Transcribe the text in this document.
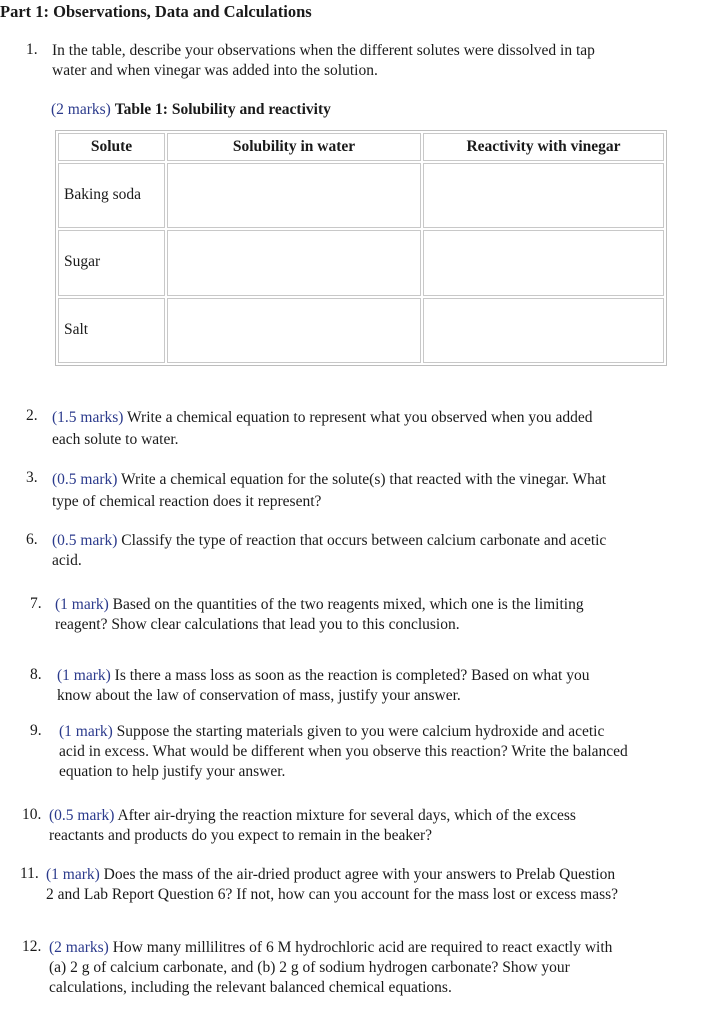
Part 1: Observations, Data and Calculations
1. In the table, describe your observations when the different solutes were dissolved in tap
water and when vinegar was added into the solution.
(2 marks) Table 1: Solubility and reactivity
Solute	Solubility in water	Reactivity with vinegar
Baking soda		
Sugar		
Salt		
2. (1.5 marks) Write a chemical equation to represent what you observed when you added
each solute to water.
3. (0.5 mark) Write a chemical equation for the solute(s) that reacted with the vinegar. What
type of chemical reaction does it represent?
6. (0.5 mark) Classify the type of reaction that occurs between calcium carbonate and acetic
acid.
7. (1 mark) Based on the quantities of the two reagents mixed, which one is the limiting
reagent? Show clear calculations that lead you to this conclusion.
8. (1 mark) Is there a mass loss as soon as the reaction is completed? Based on what you
know about the law of conservation of mass, justify your answer.
9. (1 mark) Suppose the starting materials given to you were calcium hydroxide and acetic
acid in excess. What would be different when you observe this reaction? Write the balanced
equation to help justify your answer.
10. (0.5 mark) After air-drying the reaction mixture for several days, which of the excess
reactants and products do you expect to remain in the beaker?
11. (1 mark) Does the mass of the air-dried product agree with your answers to Prelab Question
2 and Lab Report Question 6? If not, how can you account for the mass lost or excess mass?
12. (2 marks) How many millilitres of 6 M hydrochloric acid are required to react exactly with
(a) 2 g of calcium carbonate, and (b) 2 g of sodium hydrogen carbonate? Show your
calculations, including the relevant balanced chemical equations.
